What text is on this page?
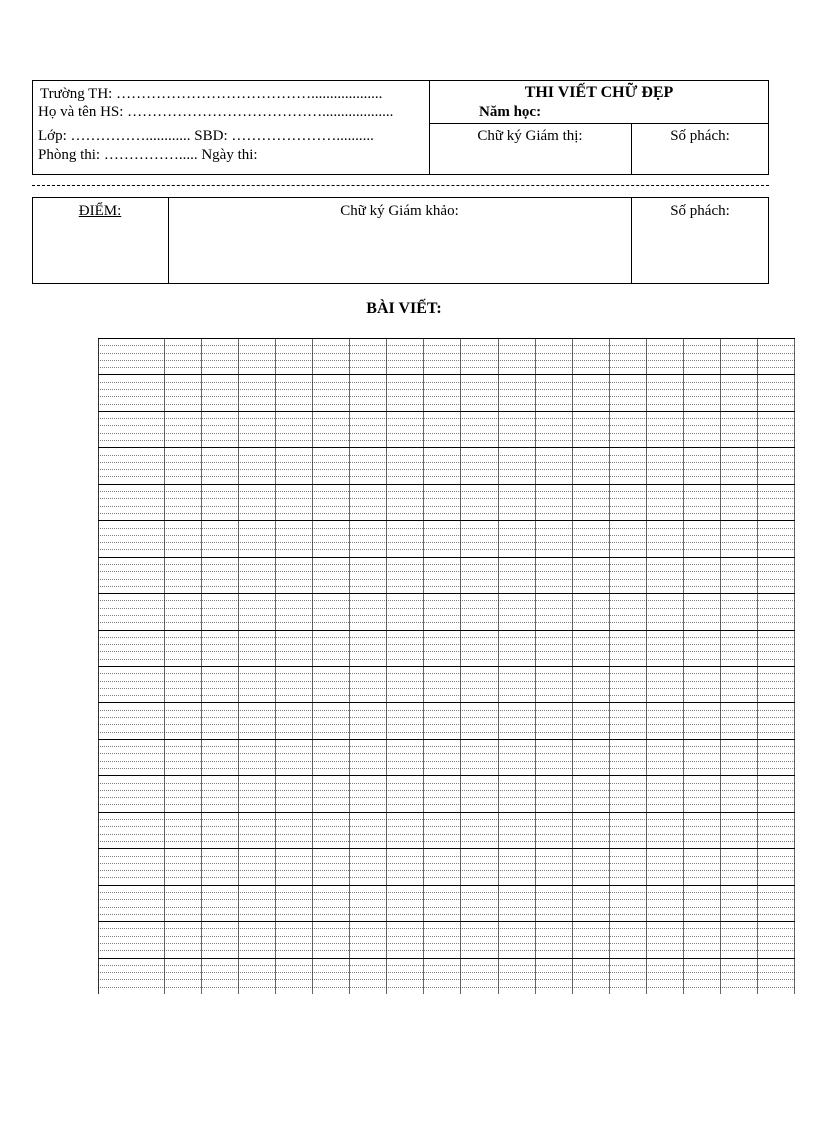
Trường TH: …………………………………...................
Họ và tên HS: …………………………………...................
Lớp: ……………............ SBD: …………………..........
Phòng thi: ……………..... Ngày thi:
THI VIẾT CHỮ ĐẸP
Năm học:
Chữ ký Giám thị:	Số phách:
ĐIỂM:	Chữ ký Giám khảo:	Số phách:
BÀI VIẾT:
